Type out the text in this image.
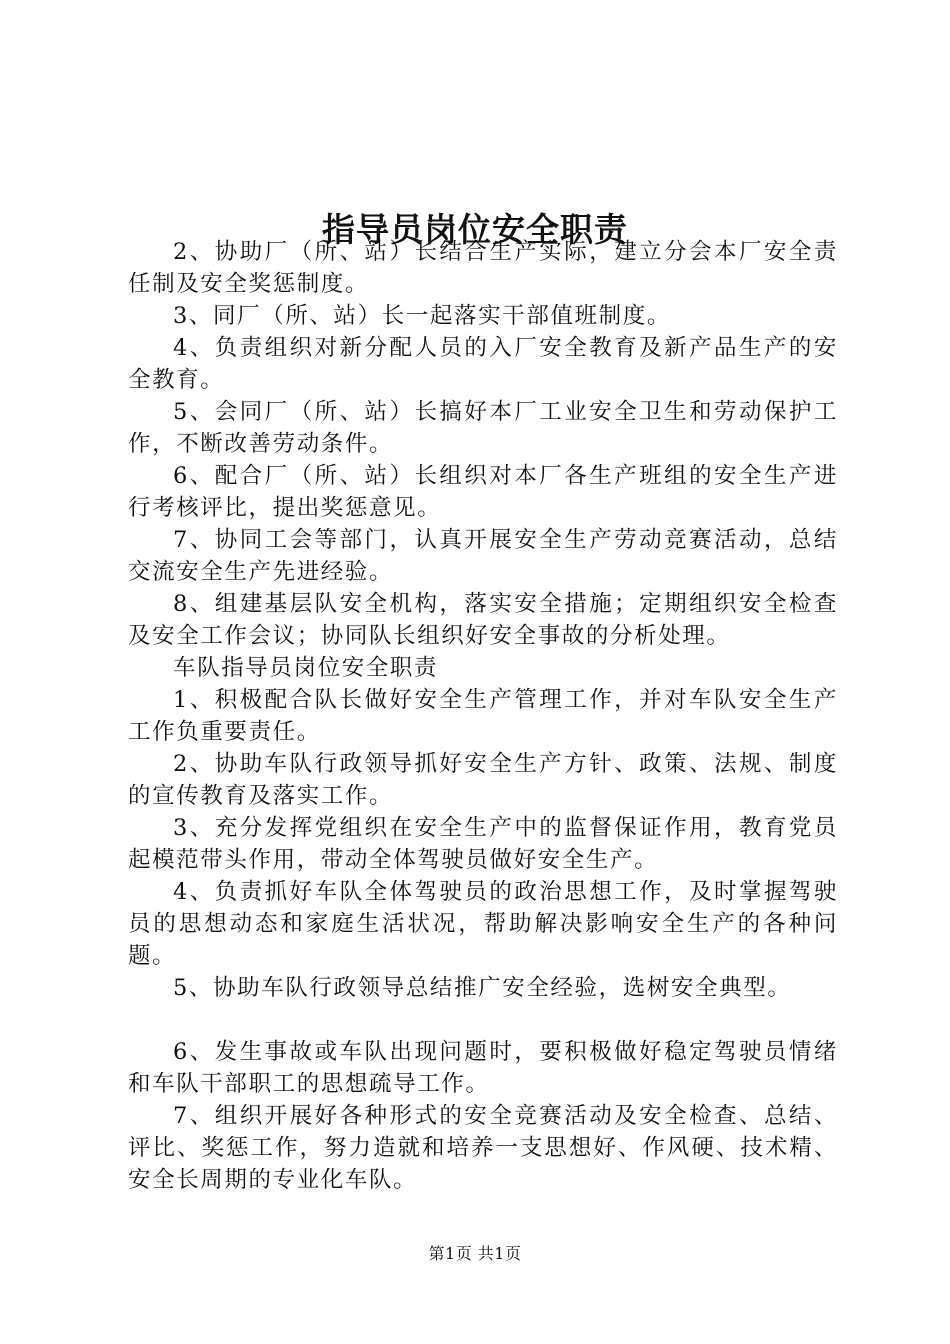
指导员岗位安全职责

2、协助厂（所、站）长结合生产实际，建立分会本厂安全责任制及安全奖惩制度。

3、同厂（所、站）长一起落实干部值班制度。

4、负责组织对新分配人员的入厂安全教育及新产品生产的安全教育。

5、会同厂（所、站）长搞好本厂工业安全卫生和劳动保护工作，不断改善劳动条件。

6、配合厂（所、站）长组织对本厂各生产班组的安全生产进行考核评比，提出奖惩意见。

7、协同工会等部门，认真开展安全生产劳动竞赛活动，总结交流安全生产先进经验。

8、组建基层队安全机构，落实安全措施；定期组织安全检查及安全工作会议；协同队长组织好安全事故的分析处理。

车队指导员岗位安全职责

1、积极配合队长做好安全生产管理工作，并对车队安全生产工作负重要责任。

2、协助车队行政领导抓好安全生产方针、政策、法规、制度的宣传教育及落实工作。

3、充分发挥党组织在安全生产中的监督保证作用，教育党员起模范带头作用，带动全体驾驶员做好安全生产。

4、负责抓好车队全体驾驶员的政治思想工作，及时掌握驾驶员的思想动态和家庭生活状况，帮助解决影响安全生产的各种问题。

5、协助车队行政领导总结推广安全经验，选树安全典型。

6、发生事故或车队出现问题时，要积极做好稳定驾驶员情绪和车队干部职工的思想疏导工作。

7、组织开展好各种形式的安全竞赛活动及安全检查、总结、评比、奖惩工作，努力造就和培养一支思想好、作风硬、技术精、安全长周期的专业化车队。

第1页 共1页
